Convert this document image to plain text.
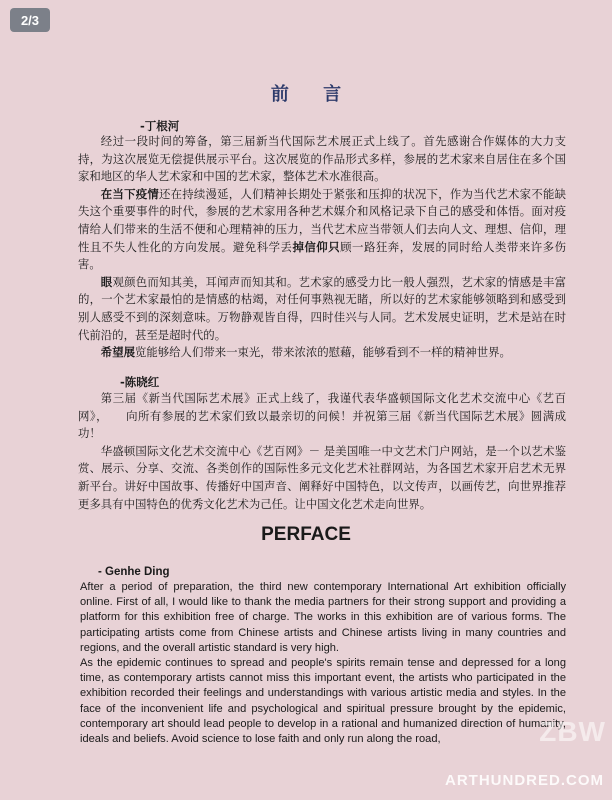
2/3
前 言
-丁根河

经过一段时间的筹备，第三届新当代国际艺术展正式上线了。首先感谢合作媒体的大力支持，为这次展览无偿提供展示平台。这次展览的作品形式多样，参展的艺术家来自居住在多个国家和地区的华人艺术家和中国的艺术家，整体艺术水准很高。

在当下疫情还在持续漫延，人们精神长期处于紧张和压抑的状况下，作为当代艺术家不能缺失这个重要事件的时代，参展的艺术家用各种艺术媒介和风格记录下自己的感受和体悟。面对疫情给人们带来的生活不便和心理精神的压力，当代艺术应当带领人们去向人文、理想、信仰，理性且不失人性化的方向发展。避免科学丢掉信仰只顾一路狂奔，发展的同时给人类带来许多伤害。

眼观颜色而知其美，耳闻声而知其和。艺术家的感受力比一般人强烈，艺术家的情感是丰富的，一个艺术家最怕的是情感的枯竭，对任何事熟视无睹，所以好的艺术家能够领略到和感受到别人感受不到的深刻意味。万物静观皆自得，四时佳兴与人同。艺术发展史证明，艺术是站在时代前沿的，甚至是超时代的。

希望展览能够给人们带来一束光，带来浓浓的慰藉，能够看到不一样的精神世界。

-陈晓红

第三届《新当代国际艺术展》正式上线了，我谨代表华盛顿国际文化艺术交流中心《艺百网》，　　向所有参展的艺术家们致以最亲切的问候！并祝第三届《新当代国际艺术展》圆满成功！

华盛顿国际文化艺术交流中心《艺百网》－ 是美国唯一中文艺术门户网站，是一个以艺术鉴赏、展示、分享、交流、各类创作的国际性多元文化艺术社群网站，为各国艺术家开启艺术无界新平台。讲好中国故事、传播好中国声音、阐释好中国特色，以文传声，以画传艺，向世界推荐更多具有中国特色的优秀文化艺术为己任。让中国文化艺术走向世界。

PERFACE
- Genhe Ding

After a period of preparation, the third new contemporary International Art exhibition officially online. First of all, I would like to thank the media partners for their strong support and providing a platform for this exhibition free of charge. The works in this exhibition are of various forms. The participating artists come from Chinese artists and Chinese artists living in many countries and regions, and the overall artistic standard is very high.

As the epidemic continues to spread and people's spirits remain tense and depressed for a long time, as contemporary artists cannot miss this important event, the artists who participated in the exhibition recorded their feelings and understandings with various artistic media and styles. In the face of the inconvenient life and psychological and spiritual pressure brought by the epidemic, contemporary art should lead people to develop in a rational and humanized direction of humanity, ideals and beliefs. Avoid science to lose faith and only run along the road,	ZBW
ARTHUNDRED.COM
